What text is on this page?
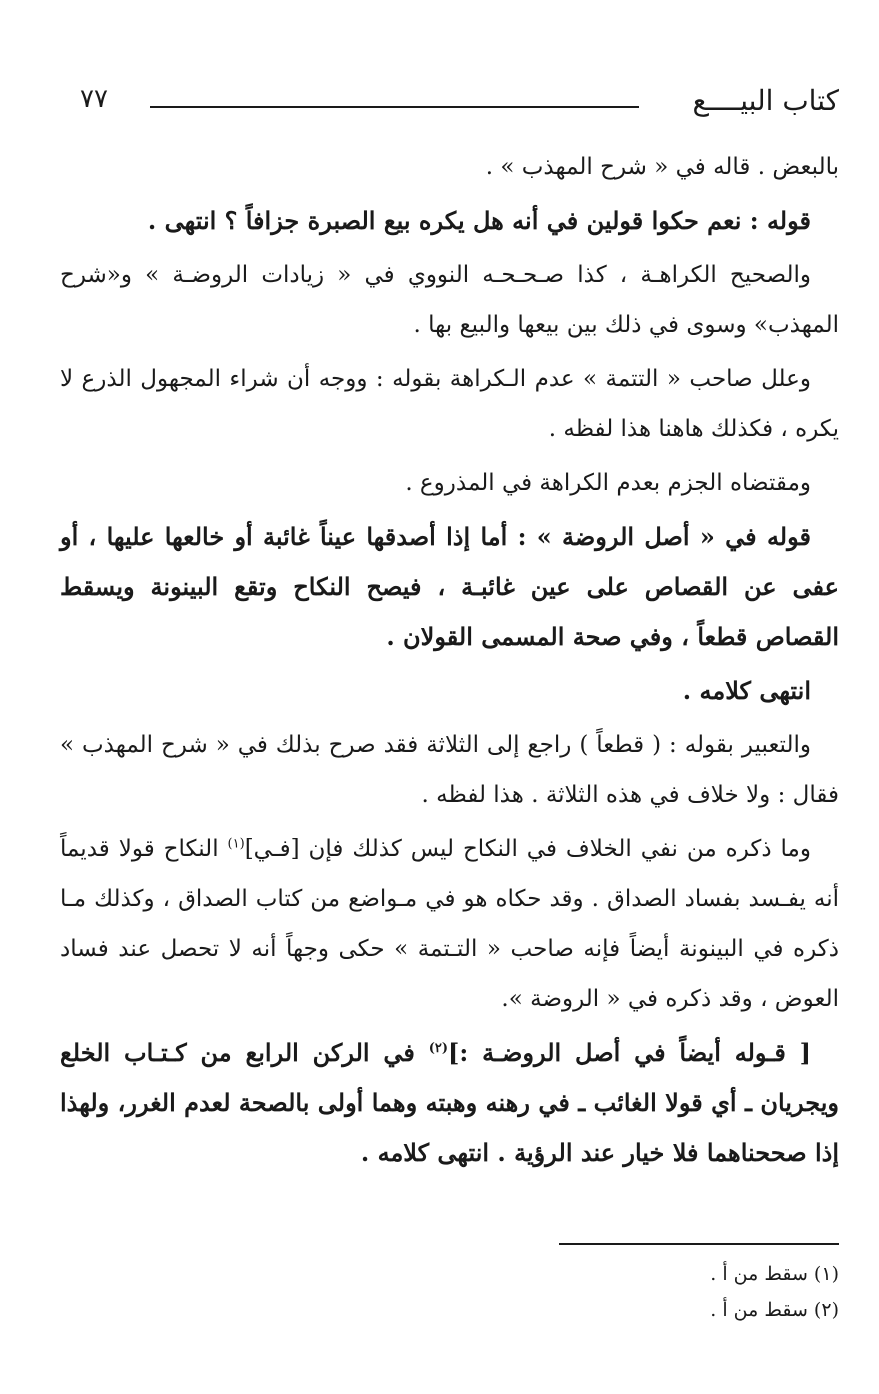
كتاب البيــــع
٧٧

بالبعض . قاله في « شرح المهذب » .

قوله : نعم حكوا قولين في أنه هل يكره بيع الصبرة جزافاً ؟ انتهى .

والصحيح الكراهـة ، كذا صـحـحـه النووي في « زيادات الروضـة » و«شرح المهذب» وسوى في ذلك بين بيعها والبيع بها .

وعلل صاحب « التتمة » عدم الـكراهة بقوله : ووجه أن شراء المجهول الذرع لا يكره ، فكذلك هاهنا هذا لفظه .

ومقتضاه الجزم بعدم الكراهة في المذروع .

قوله في « أصل الروضة » : أما إذا أصدقها عيناً غائبة أو خالعها عليها ، أو عفى عن القصاص على عين غائبـة ، فيصح النكاح وتقع البينونة ويسقط القصاص قطعاً ، وفي صحة المسمى القولان .

انتهى كلامه .

والتعبير بقوله : ( قطعاً ) راجع إلى الثلاثة فقد صرح بذلك في « شرح المهذب » فقال : ولا خلاف في هذه الثلاثة . هذا لفظه .

وما ذكره من نفي الخلاف في النكاح ليس كذلك فإن [فـي]$^{(١)}$ النكاح قولا قديماً أنه يفـسد بفساد الصداق . وقد حكاه هو في مـواضع من كتاب الصداق ، وكذلك مـا ذكره في البينونة أيضاً فإنه صاحب « التـتمة » حكى وجهاً أنه لا تحصل عند فساد العوض ، وقد ذكره في « الروضة ».

[ قـوله أيضاً في أصل الروضـة :]$^{(٢)}$ في الركن الرابع من كـتـاب الخلع ويجريان ـ أي قولا الغائب ـ في رهنه وهبته وهما أولى بالصحة لعدم الغرر، ولهذا إذا صححناهما فلا خيار عند الرؤية . انتهى كلامه .

(١) سقط من أ .
(٢) سقط من أ .
